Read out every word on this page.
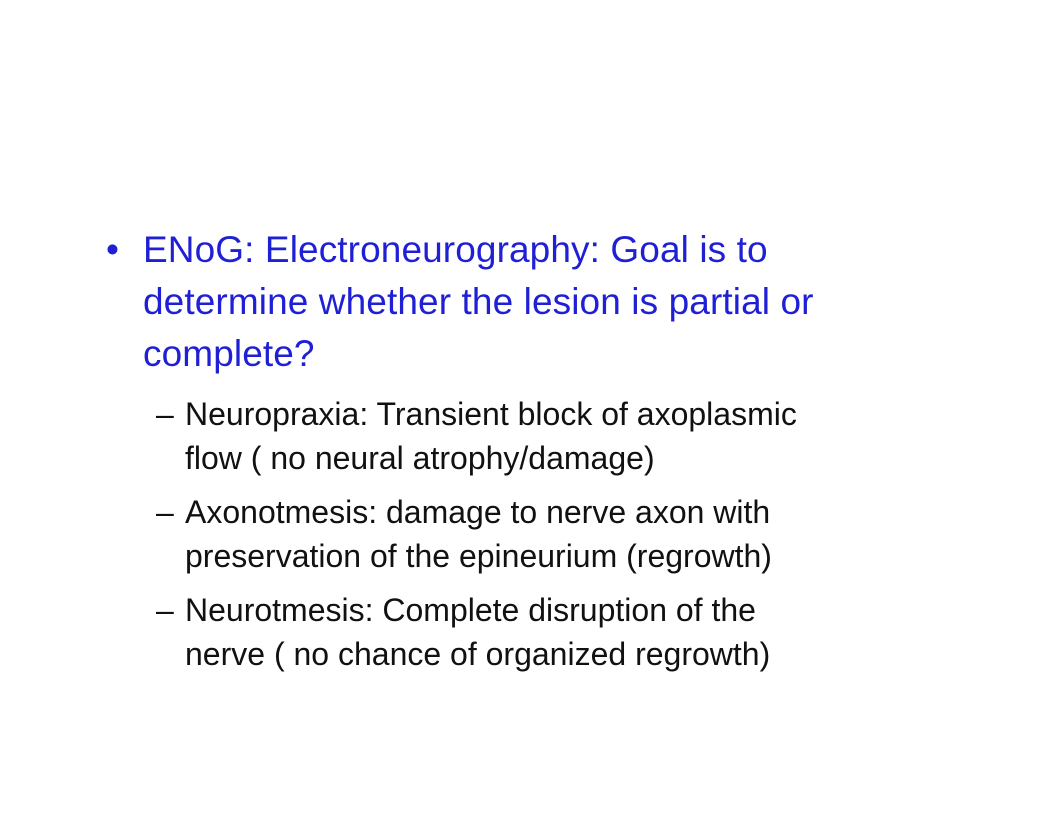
• ENoG: Electroneurography: Goal is to
determine whether the lesion is partial or
complete?
– Neuropraxia: Transient block of axoplasmic
flow ( no neural atrophy/damage)
– Axonotmesis: damage to nerve axon with
preservation of the epineurium (regrowth)
– Neurotmesis: Complete disruption of the
nerve ( no chance of organized regrowth)
